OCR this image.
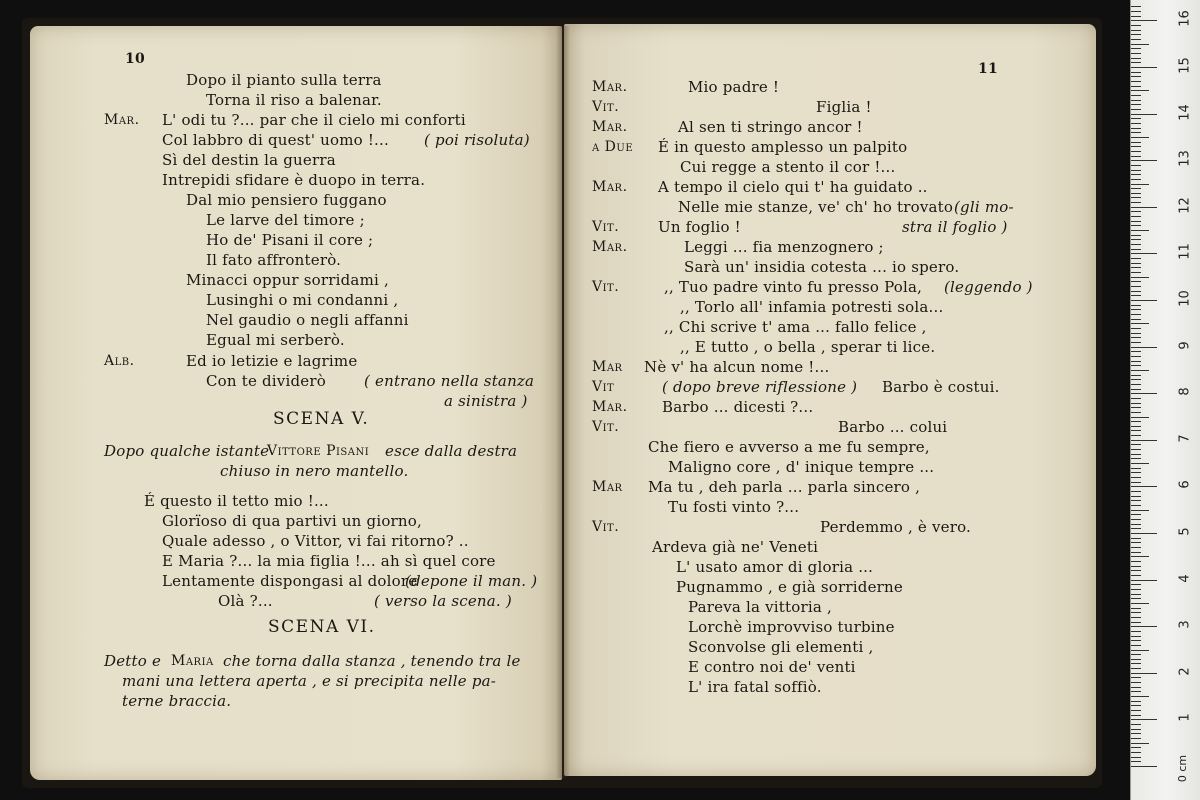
10
Dopo il pianto sulla terra
Torna il riso a balenar.
Mar. L' odi tu ?... par che il cielo mi conforti
Col labbro di quest' uomo !... ( poi risoluta)
Sì del destin la guerra
Intrepidi sfidare è duopo in terra.
Dal mio pensiero fuggano
Le larve del timore ;
Ho de' Pisani il core ;
Il fato affronterò.
Minacci oppur sorridami ,
Lusinghi o mi condanni ,
Nel gaudio o negli affanni
Egual mi serberò.
Alb.	Ed io letizie e lagrime
Con te dividerò	( entrano nella stanza
a sinistra )
SCENA V.
Dopo qualche istante
Vittore Pisani esce dalla destra
chiuso in nero mantello.
É questo il tetto mio !...
Glorïoso di qua partivi un giorno,
Quale adesso , o Vittor, vi fai ritorno? ..
E Maria ?... la mia figlia !... ah sì quel core
Lentamente dispongasi al dolore
(depone il man. )
Olà ?...	( verso la scena. )
SCENA VI.
Detto e Maria che torna dalla stanza , tenendo tra le
mani una lettera aperta , e si precipita nelle pa-
terne braccia.
11
Mar.	Mio padre !
Vit.	Figlia !
Mar.	Al sen ti stringo ancor !
a Due É in questo amplesso un palpito
Cui regge a stento il cor !...
Mar. A tempo il cielo qui t' ha guidato ..
Nelle mie stanze, ve' ch' ho trovato (gli mo-
Vit.	Un foglio !	stra il foglio )
Mar.	Leggi ... fia menzognero ;
Sarà un' insidia cotesta ... io spero.
Vit.	,, Tuo padre vinto fu presso Pola, (leggendo )
,, Torlo all' infamia potresti sola...
,, Chi scrive t' ama ... fallo felice ,
,, E tutto , o bella , sperar ti lice.
Mar Nè v' ha alcun nome !...
Vit	( dopo breve riflessione ) Barbo è costui.
Mar. Barbo ... dicesti ?...
Vit.	Barbo ... colui
Che fiero e avverso a me fu sempre,
Maligno core , d' inique tempre ...
Mar Ma tu , deh parla ... parla sincero ,
Tu fosti vinto ?...
Vit.	Perdemmo , è vero.
Ardeva già ne' Veneti
L' usato amor di gloria ...
Pugnammo , e già sorriderne
Pareva la vittoria ,
Lorchè improvviso turbine
Sconvolse gli elementi ,
E contro noi de' venti
L' ira fatal soffiò.
0 cm
1
2
3
4
5
6
7
8
9
10
11
12
13
14
15
16
